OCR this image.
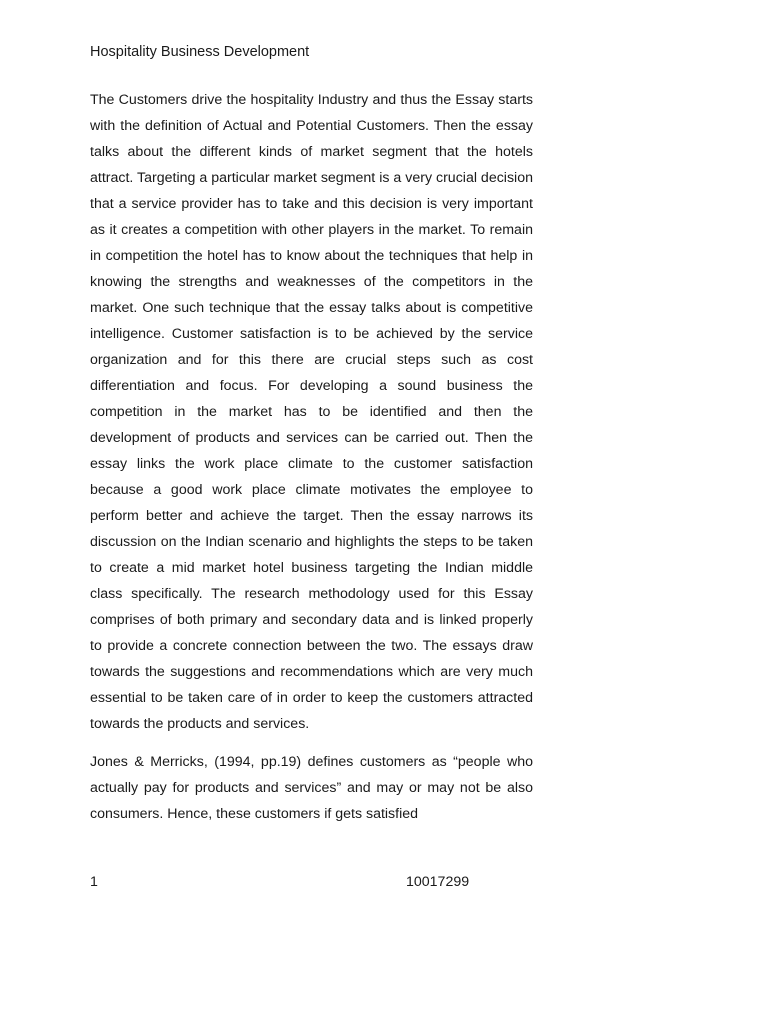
Hospitality Business Development

The Customers drive the hospitality Industry and thus the Essay starts with the definition of Actual and Potential Customers. Then the essay talks about the different kinds of market segment that the hotels attract. Targeting a particular market segment is a very crucial decision that a service provider has to take and this decision is very important as it creates a competition with other players in the market. To remain in competition the hotel has to know about the techniques that help in knowing the strengths and weaknesses of the competitors in the market. One such technique that the essay talks about is competitive intelligence. Customer satisfaction is to be achieved by the service organization and for this there are crucial steps such as cost differentiation and focus. For developing a sound business the competition in the market has to be identified and then the development of products and services can be carried out. Then the essay links the work place climate to the customer satisfaction because a good work place climate motivates the employee to perform better and achieve the target. Then the essay narrows its discussion on the Indian scenario and highlights the steps to be taken to create a mid market hotel business targeting the Indian middle class specifically. The research methodology used for this Essay comprises of both primary and secondary data and is linked properly to provide a concrete connection between the two. The essays draw towards the suggestions and recommendations which are very much essential to be taken care of in order to keep the customers attracted towards the products and services.

Jones & Merricks, (1994, pp.19) defines customers as “people who actually pay for products and services” and may or may not be also consumers. Hence, these customers if gets satisfied

1	10017299
